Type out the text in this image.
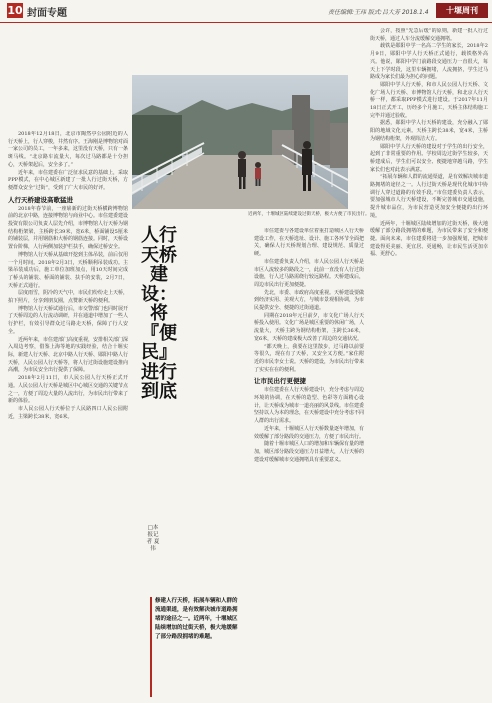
10 封面专题	责任编辑:王玮 版式:吕大芳 2018.1.4	十堰周刊
近两年，十堰城区陆续建设过街天桥，极大方便了市民出行。

2018年12月18日，北京市陶然亭公园附近的人行天桥上，行人穿梭，井然有序。王海刚是博物馆对面一家公司的员工，一年多来，这里没有天桥，只有一条斑马线。“北京路车流量大，每次过马路都是十分担心，天桥架起后，安全多了。”

近年来，市住建委在广泛征求民意的基础上，采取PPP模式，在中心城区新建了一批人行过街天桥，方便群众安全“过街”，受到了广大市民的好评。

人行天桥建设高歌猛进

2018年春节前，一座崭新的过街天桥横跨博物馆前的北京中路，连接博物馆与商业中心。市住建委建设投资有限公司负责人层先介绍，市博物馆人行天桥为钢结构桁架梁，主桥跨长39米，宽6米，桥面铺设5厘米的铺装层，并用钢筋和大桥的钢筋连接。同时，天桥设置台阶梯，人行两侧加装护栏扶手，确保过桥安全。

博物馆人行天桥从基础开挖到主体吊装，前后仅用一个月时间。2018年2月3日，天桥顺利吊装成功。主梁吊装成功后，施工单位加班加点，用10天时间完成了桥头的铺装、桥面的铺装、扶手的安装，2月7日，天桥正式通行。

层度雨雪，阴冷的天气中，市民们纷纷走上天桥，拍下照片，分享到朋友圈，点赞新天桥的便利。

博物馆人行天桥试通行后，市交警部门也同时展开了天桥周边的人行流动调研，并在通道中增加了一些人行护栏，有效引导群众过马路走天桥，保障了行人安全。

近两年来，市住建部门高度重视，安排相关部门深入周边考察，借鉴上海等地的实践经验，结合十堰实际，新建人行天桥、北京中路人行天桥、郧阳中路人行天桥，人民公园人行天桥等，将人行过街设施建设推向高潮，为市民安全出行提供了保障。

2018年2月11日，市人民公园人行天桥正式开通。人民公园人行天桥是城区中心城区交通的关键节点之一，方便了周边大量的人流出行，为市民出行带来了新的体验。

市人民公园人行天桥位于人民路四口人民公园附近，主梁跨长38米，宽6米。

人行天桥建设：将『便民』进行到底
□本报记者 夏伟

市住建委与各建设单位着重打造城区人行天桥建设工作，在天桥选址、设计、施工各环节全面把关，确保人行天桥规划合理、建设规范、质量过硬。

市住建委负责人介绍，市人民公园人行天桥是市区人流较多的路段之一，此前一直没有人行过街设施，行人过马路需绕行较远路程。天桥建成后，周边市民出行更加便捷。

先北，市委、市政府高度重视。天桥建设要做到经济实用、美观大方，与城市景观相协调，为市民提供安全、便捷的过街通道。

同期在2018年元旦前夕，市文化广场人行天桥投入使用。文化广场是城区重要的休闲广场，人流量大，天桥主跨为钢结构桁架，主跨长36米，宽6米，天桥的建成极大改善了周边的交通状况。

“都天晚上，我要在这里散步，过马路以前要等很久，现在有了天桥，又安全又方便。”家住附近的市民李女士说。天桥的建设，为市民出行带来了实实在在的便利。

让市民出行更便捷

市住建委在人行天桥建设中，充分考虑与周边环境的协调，在天桥的造型、色彩等方面精心设计，让天桥成为城市一道亮丽的风景线。市住建委坚持以人为本的理念，在天桥建设中充分考虑不同人群的出行需求。

近年来，十堰城区人行天桥数量逐年增加，有效缓解了部分路段的交通压力，方便了市民出行。

随着十堰市城区人口的增加和车辆保有量的增加，城区部分路段交通压力日益增大，人行天桥的建设对缓解城市交通拥堵具有重要意义。

修建人行天桥，拓展车辆和人群的流通渠道，是有效解决城市道路拥堵的途径之一。近两年，十堰城区陆续增加的过街天桥，极大地缓解了部分路段拥堵的难题。

会许，按照“先急后缓”的原则，新建一批人行过街天桥，通过人车分流缓解交通拥堵。

载铁是郧阳中学一名高二学生的家长，2018年2月9日，郧阳中学人行天桥正式通行，载铁格外高兴。他说，郧阳中学门前路段交通压力一直很大，每天上下学时段，这里车辆拥堵，人流拥挤，学生过马路成为家长们最为担心的问题。

郧阳中学人行天桥，和市人民公园人行天桥、文化广场人行天桥、市博物馆人行天桥，和北京人行天桥一样，都采取PPP模式进行建设。于2017年11月18日正式开工，历经多个月施工，天桥主体结构施工完毕并通过验收。

据悉，郧阳中学人行天桥的建设，充分融入了郧阳的地域文化元素。天桥主跨长38米，宽4米，主桥为钢结构桁架，外观简洁大方。

郧阳中学人行天桥的建设对于学生的出行安全，起到了非常重要的作用。学校周边过街学生较多，天桥建成后，学生们可以安全、便捷地穿越马路，学生家长们也对此表示满意。

“拓展车辆和人群的流通渠道，是有效解决城市道路拥堵的途径之一。人行过街天桥是现代化城市中协调行人穿过道路的有效手段。”市住建委负责人表示，要加强城市人行天桥建设，不断完善城市交通设施，提升城市品位，为市民营造更加安全便捷的出行环境。

近两年，十堰城区陆续增加的过街天桥，极大地缓解了部分路段拥堵的难题，为市民带来了安全和便捷。面向未来，市住建委将进一步加强规划，把城市建设得更美丽、更宜居、更通畅，让市民生活更加幸福、更舒心。
